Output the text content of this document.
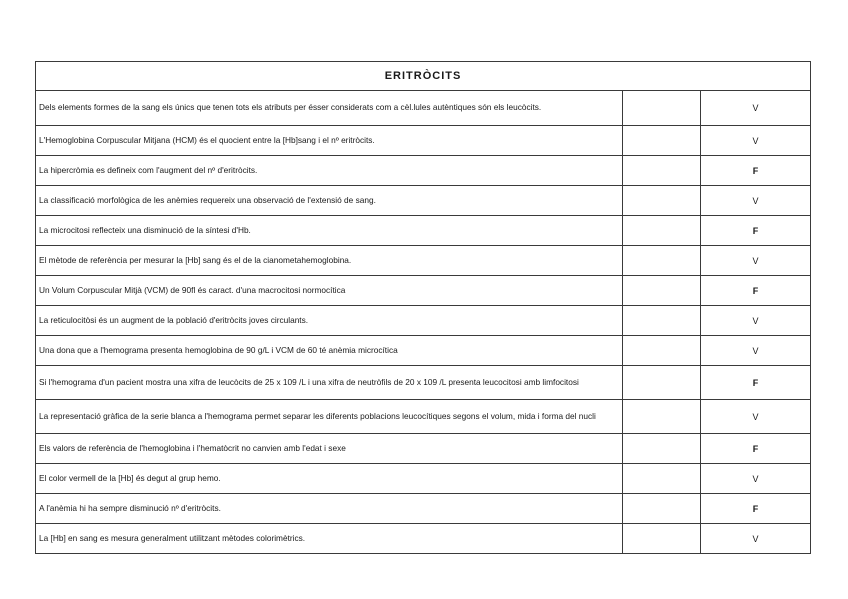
ERITRÒCITS		
Dels elements formes de la sang els únics que tenen tots els atributs per ésser considerats com a cèl.lules autèntiques són els leucòcits.		V
L'Hemoglobina Corpuscular Mitjana (HCM) és el quocient entre la [Hb]sang i el nº eritròcits.		V
La hipercròmia es defineix com l'augment del nº d'eritròcits.		F
La classificació morfològica de les anèmies requereix una observació de l'extensió de sang.		V
La microcitosi reflecteix una disminució de la síntesi d'Hb.		F
El mètode de referència per mesurar la [Hb] sang és el de la cianometahemoglobina.		V
Un Volum Corpuscular Mitjà (VCM) de 90fl és caract. d'una macrocitosi normocítica		F
La reticulocitòsi és un augment de la població d'eritròcits joves circulants.		V
Una dona que a l'hemograma presenta hemoglobina de 90 g/L i VCM de 60 té anèmia microcítica		V
Si l'hemograma d'un pacient mostra una xifra de leucòcits de 25 x 109 /L i una xifra de neutròfils de 20 x 109 /L presenta leucocitosi amb limfocitosi		F
La representació gràfica de la serie blanca a l'hemograma permet separar les diferents poblacions leucocítiques segons el volum, mida i forma del nucli		V
Els valors de referència de l'hemoglobina i l'hematòcrit no canvien amb l'edat i sexe		F
El color vermell de la [Hb] és degut al grup hemo.		V
A l'anèmia hi ha sempre disminució nº d'eritròcits.		F
La [Hb] en sang es mesura generalment utilitzant mètodes colorimètrics.		V
